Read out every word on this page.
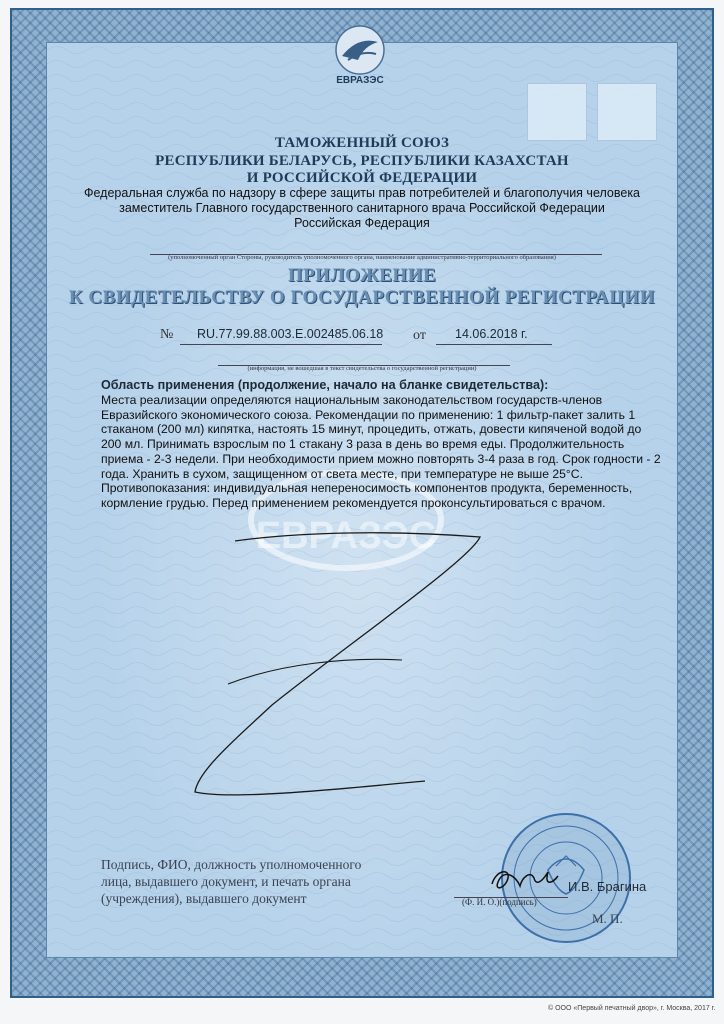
ЕВРАЗЭС
ЕВРАЗЭС
ТАМОЖЕННЫЙ СОЮЗ
РЕСПУБЛИКИ БЕЛАРУСЬ, РЕСПУБЛИКИ КАЗАХСТАН
И РОССИЙСКОЙ ФЕДЕРАЦИИ
Федеральная служба по надзору в сфере защиты прав потребителей и благополучия человека
заместитель Главного государственного санитарного врача Российской Федерации
Российская Федерация
(уполномоченный орган Стороны, руководитель уполномоченного органа, наименование административно-территориального образования)
ПРИЛОЖЕНИЕ
К СВИДЕТЕЛЬСТВУ О ГОСУДАРСТВЕННОЙ РЕГИСТРАЦИИ
№ RU.77.99.88.003.E.002485.06.18 от 14.06.2018 г.
(информация, не вошедшая в текст свидетельства о государственной регистрации)
Область применения (продолжение, начало на бланке свидетельства):
Места реализации определяются национальным законодательством государств-членов
Евразийского экономического союза. Рекомендации по применению: 1 фильтр-пакет залить 1
стаканом (200 мл) кипятка, настоять 15 минут, процедить, отжать, довести кипяченой водой до
200 мл. Принимать взрослым по 1 стакану 3 раза в день во время еды. Продолжительность
приема - 2-3 недели. При необходимости прием можно повторять 3-4 раза в год. Срок годности - 2
года. Хранить в сухом, защищенном от света месте, при температуре не выше 25°С.
Противопоказания: индивидуальная непереносимость компонентов продукта, беременность,
кормление грудью. Перед применением рекомендуется проконсультироваться с врачом.
Подпись, ФИО, должность уполномоченного
лица, выдавшего документ, и печать органа
(учреждения), выдавшего документ
И.В. Брагина
(Ф. И. О.)(подпись)
М. П.
© ООО «Первый печатный двор», г. Москва, 2017 г.
